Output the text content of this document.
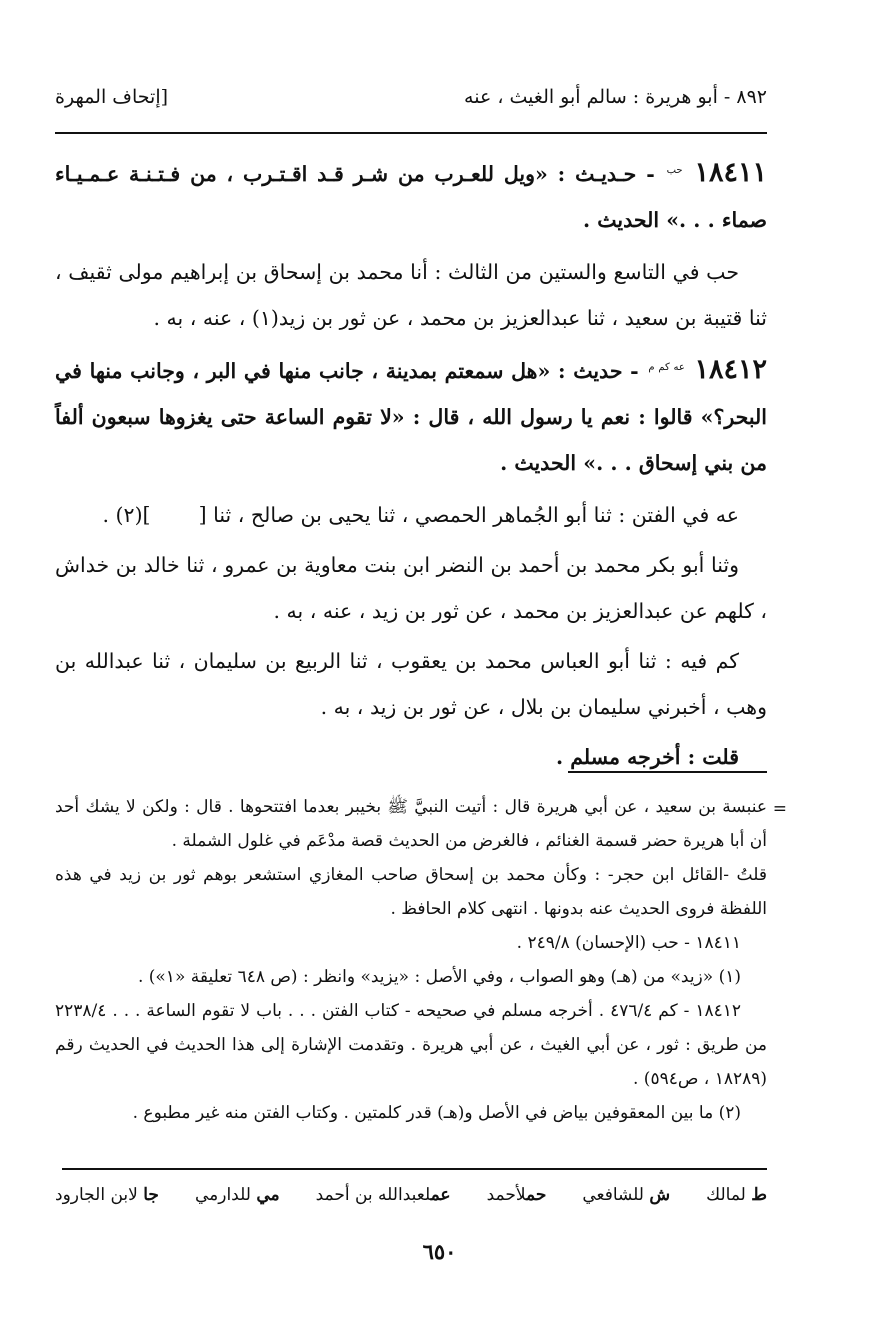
٨٩٢ - أبو هريرة : سالم أبو الغيث ، عنه
[إتحاف المهرة

١٨٤١١ $^{حب}$ - حـديـث : «ويل للعـرب من شـر قـد اقـتـرب ، من فـتـنـة عـمـيـاء صماء . . .» الحديث .

حب في التاسع والستين من الثالث : أنا محمد بن إسحاق بن إبراهيم مولى ثقيف ، ثنا قتيبة بن سعيد ، ثنا عبدالعزيز بن محمد ، عن ثور بن زيد(١) ، عنه ، به .

١٨٤١٢ $^{عه كم م}$ - حديث : «هل سمعتم بمدينة ، جانب منها في البر ، وجانب منها في البحر؟» قالوا : نعم يا رسول الله ، قال : «لا تقوم الساعة حتى يغزوها سبعون ألفاً من بني إسحاق . . .» الحديث .

عه في الفتن : ثنا أبو الجُماهر الحمصي ، ثنا يحيى بن صالح ، ثنا [](٢) .

وثنا أبو بكر محمد بن أحمد بن النضر ابن بنت معاوية بن عمرو ، ثنا خالد بن خداش ، كلهم عن عبدالعزيز بن محمد ، عن ثور بن زيد ، عنه ، به .

كم فيه : ثنا أبو العباس محمد بن يعقوب ، ثنا الربيع بن سليمان ، ثنا عبدالله بن وهب ، أخبرني سليمان بن بلال ، عن ثور بن زيد ، به .

قلت : أخرجه مسلم .

=

عنبسة بن سعيد ، عن أبي هريرة قال : أتيت النبيَّ ﷺ بخيبر بعدما افتتحوها . قال : ولكن لا يشك أحد أن أبا هريرة حضر قسمة الغنائم ، فالغرض من الحديث قصة مدْعَم في غلول الشملة .

قلتُ -القائل ابن حجر- : وكأن محمد بن إسحاق صاحب المغازي استشعر بوهم ثور بن زيد في هذه اللفظة فروى الحديث عنه بدونها . انتهى كلام الحافظ .

١٨٤١١ - حب (الإحسان) ٢٤٩/٨ .

(١) «زيد» من (هـ) وهو الصواب ، وفي الأصل : «يزيد» وانظر : (ص ٦٤٨ تعليقة «١») .

١٨٤١٢ - كم ٤٧٦/٤ . أخرجه مسلم في صحيحه - كتاب الفتن . . . باب لا تقوم الساعة . . . ٢٢٣٨/٤ من طريق : ثور ، عن أبي الغيث ، عن أبي هريرة . وتقدمت الإشارة إلى هذا الحديث في الحديث رقم (١٨٢٨٩ ، ص٥٩٤) .

(٢) ما بين المعقوفين بياض في الأصل و(هـ) قدر كلمتين . وكتاب الفتن منه غير مطبوع .

ط لمالك
ش للشافعي
حملأحمد
عملعبدالله بن أحمد
مي للدارمي
جا لابن الجارود
٦٥٠
